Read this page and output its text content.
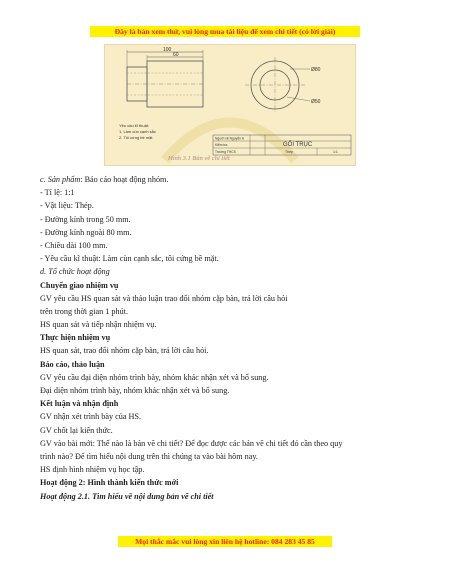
Đây là bản xem thử, vui lòng mua tài liệu để xem chi tiết (có lời giải)
100
60
Ø80
Ø50
Người vẽ Nguyễn A
Kiểm tra
Trường THCS
GỐI TRỤC
Thép	1:1
Yêu cầu kĩ thuật:
1. Làm cùn cạnh sắc
2. Tôi cứng bề mặt
Hình 3.1 Bản vẽ chi tiết
c. Sản phẩm: Báo cáo hoạt động nhóm.
- Tỉ lệ: 1:1
- Vật liệu: Thép.
- Đường kính trong 50 mm.
- Đường kính ngoài 80 mm.
- Chiều dài 100 mm.
- Yêu cầu kĩ thuật: Làm cùn cạnh sắc, tôi cứng bề mặt.
d. Tổ chức hoạt động
Chuyển giao nhiệm vụ
GV yêu cầu HS quan sát và thảo luận trao đổi nhóm cặp bàn, trả lời câu hỏi
trên trong thời gian 1 phút.
HS quan sát và tiếp nhận nhiệm vụ.
Thực hiện nhiệm vụ
HS quan sát, trao đổi nhóm cặp bàn, trả lời câu hỏi.
Báo cáo, thảo luận
GV yêu cầu đại diện nhóm trình bày, nhóm khác nhận xét và bổ sung.
Đại diện nhóm trình bày, nhóm khác nhận xét và bổ sung.
Kết luận và nhận định
GV nhận xét trình bày của HS.
GV chốt lại kiến thức.
GV vào bài mới: Thế nào là bản vẽ chi tiết? Để đọc được các bản vẽ chi tiết đó cần theo quy
trình nào? Để tìm hiểu nội dung trên thì chúng ta vào bài hôm nay.
HS định hình nhiệm vụ học tập.
Hoạt động 2: Hình thành kiến thức mới
Hoạt động 2.1. Tìm hiểu về nội dung bản vẽ chi tiết
Mọi thắc mắc vui lòng xin liên hệ hotline: 084 283 45 85
